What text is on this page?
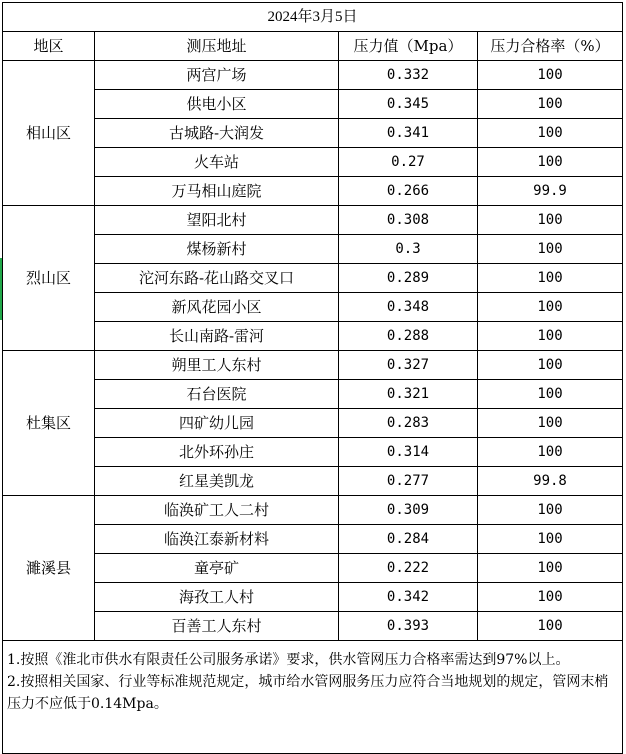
2024年3月5日			
地区	测压地址	压力值（Mpa）	压力合格率（%）
相山区	两宫广场	0.332	100
	供电小区	0.345	100
	古城路-大润发	0.341	100
	火车站	0.27	100
	万马相山庭院	0.266	99.9
烈山区	望阳北村	0.308	100
	煤杨新村	0.3	100
	沱河东路-花山路交叉口	0.289	100
	新风花园小区	0.348	100
	长山南路-雷河	0.288	100
杜集区	朔里工人东村	0.327	100
	石台医院	0.321	100
	四矿幼儿园	0.283	100
	北外环孙庄	0.314	100
	红星美凯龙	0.277	99.8
濉溪县	临涣矿工人二村	0.309	100
	临涣江泰新材料	0.284	100
	童亭矿	0.222	100
	海孜工人村	0.342	100
	百善工人东村	0.393	100

1.按照《淮北市供水有限责任公司服务承诺》要求，供水管网压力合格率需达到97%以上。
2.按照相关国家、行业等标准规范规定，城市给水管网服务压力应符合当地规划的规定，管网末梢压力不应低于0.14Mpa。			
